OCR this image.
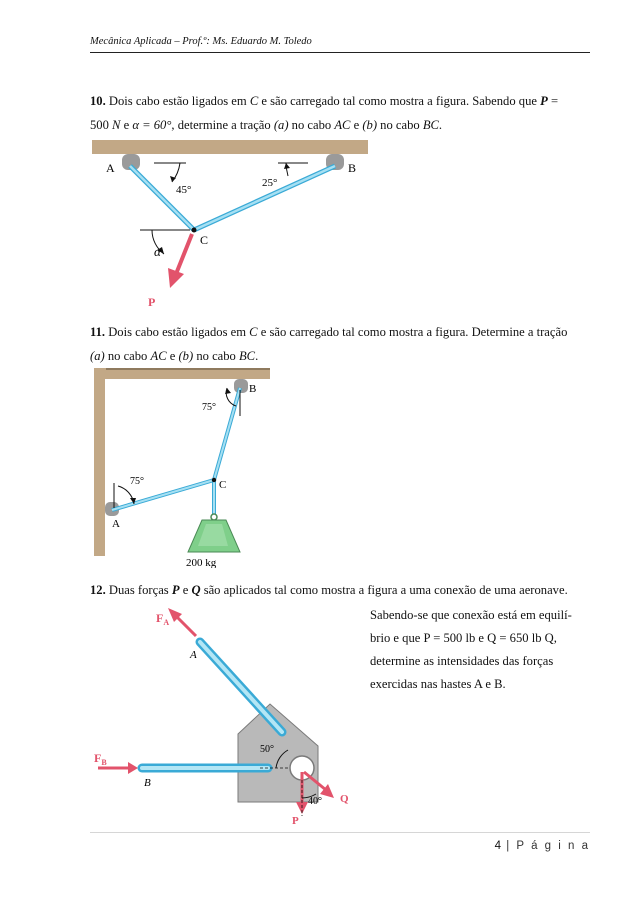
Mecânica Aplicada – Prof.º: Ms. Eduardo M. Toledo
10. Dois cabo estão ligados em C e são carregado tal como mostra a figura. Sabendo que P =
500 N e α = 60°, determine a tração (a) no cabo AC e (b) no cabo BC.
A	B
C
45°
25°
α
P
11. Dois cabo estão ligados em C e são carregado tal como mostra a figura. Determine a tração
(a) no cabo AC e (b) no cabo BC.
B
C
A
75°
75°
200 kg
12. Duas forças P e Q são aplicados tal como mostra a figura a uma conexão de uma aeronave.
Sabendo-se que conexão está em equilí-
brio e que P = 500 lb e Q = 650 lb Q,
determine as intensidades das forças
exercidas nas hastes A e B.
$F_A$
$F_B$
A
B
50°
40°
P
Q
4 | P á g i n a
